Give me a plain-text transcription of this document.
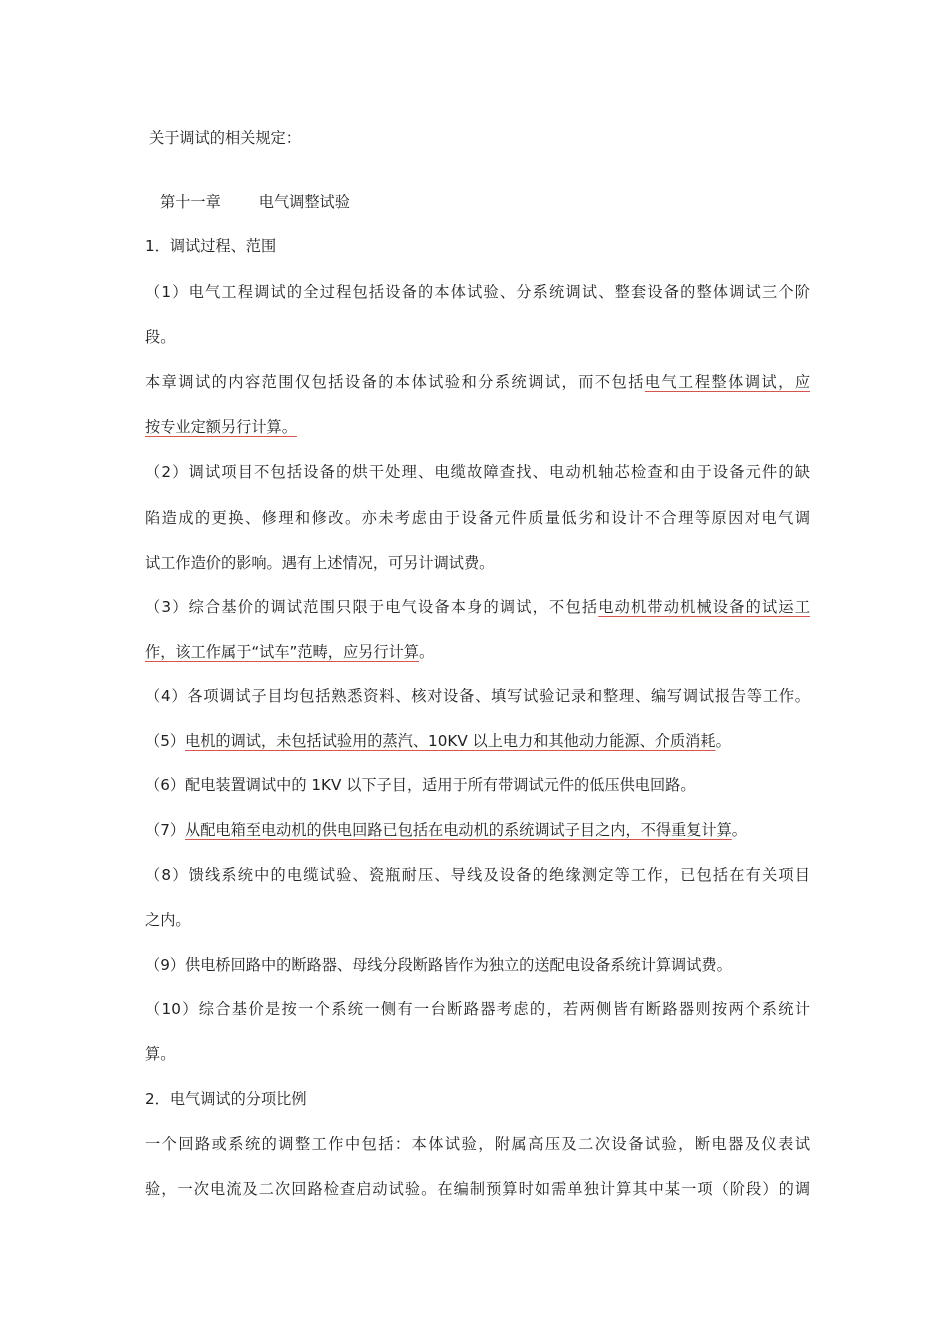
关于调试的相关规定：
第十一章	电气调整试验
1．调试过程、范围
（1）电气工程调试的全过程包括设备的本体试验、分系统调试、整套设备的整体调试三个阶
段。
本章调试的内容范围仅包括设备的本体试验和分系统调试，而不包括电气工程整体调试，应
按专业定额另行计算。
（2）调试项目不包括设备的烘干处理、电缆故障查找、电动机轴芯检查和由于设备元件的缺
陷造成的更换、修理和修改。亦未考虑由于设备元件质量低劣和设计不合理等原因对电气调
试工作造价的影响。遇有上述情况，可另计调试费。
（3）综合基价的调试范围只限于电气设备本身的调试，不包括电动机带动机械设备的试运工
作，该工作属于“试车”范畴，应另行计算。
（4）各项调试子目均包括熟悉资料、核对设备、填写试验记录和整理、编写调试报告等工作。
（5）电机的调试，未包括试验用的蒸汽、10KV 以上电力和其他动力能源、介质消耗。
（6）配电装置调试中的 1KV 以下子目，适用于所有带调试元件的低压供电回路。
（7）从配电箱至电动机的供电回路已包括在电动机的系统调试子目之内，不得重复计算。
（8）馈线系统中的电缆试验、瓷瓶耐压、导线及设备的绝缘测定等工作，已包括在有关项目
之内。
（9）供电桥回路中的断路器、母线分段断路皆作为独立的送配电设备系统计算调试费。
（10）综合基价是按一个系统一侧有一台断路器考虑的，若两侧皆有断路器则按两个系统计
算。
2．电气调试的分项比例
一个回路或系统的调整工作中包括：本体试验，附属高压及二次设备试验，断电器及仪表试
验，一次电流及二次回路检查启动试验。在编制预算时如需单独计算其中某一项（阶段）的调
